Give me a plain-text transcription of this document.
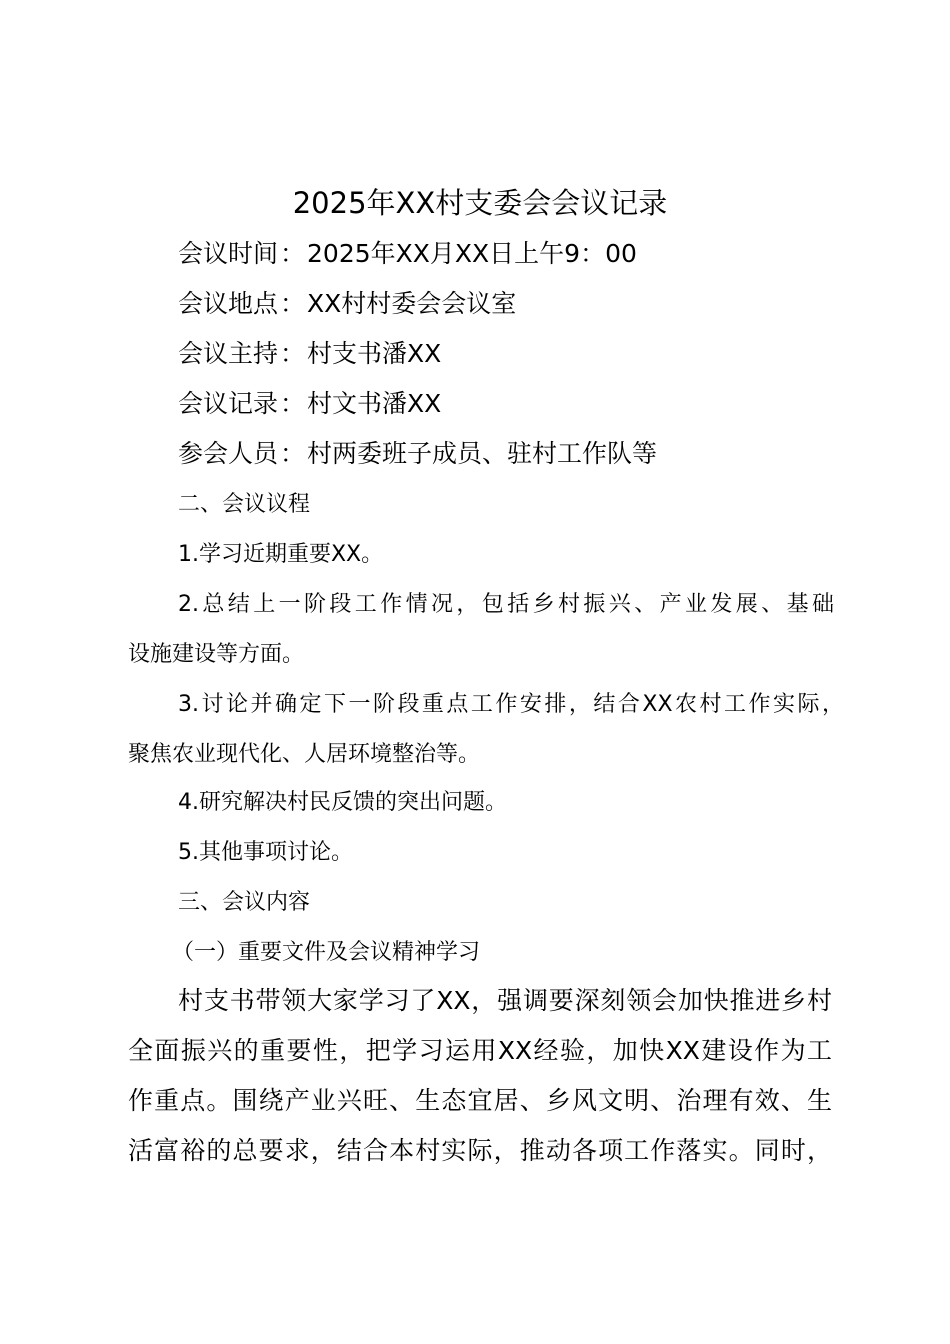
2025年XX村支委会会议记录
会议时间：2025年XX月XX日上午9：00
会议地点：XX村村委会会议室
会议主持：村支书潘XX
会议记录：村文书潘XX
参会人员：村两委班子成员、驻村工作队等
二、会议议程
1.学习近期重要XX。
2.总结上一阶段工作情况，包括乡村振兴、产业发展、基础
设施建设等方面。
3.讨论并确定下一阶段重点工作安排，结合XX农村工作实际，
聚焦农业现代化、人居环境整治等。
4.研究解决村民反馈的突出问题。
5.其他事项讨论。
三、会议内容
（一）重要文件及会议精神学习
村支书带领大家学习了XX，强调要深刻领会加快推进乡村
全面振兴的重要性，把学习运用XX经验，加快XX建设作为工
作重点。围绕产业兴旺、生态宜居、乡风文明、治理有效、生
活富裕的总要求，结合本村实际，推动各项工作落实。同时，
